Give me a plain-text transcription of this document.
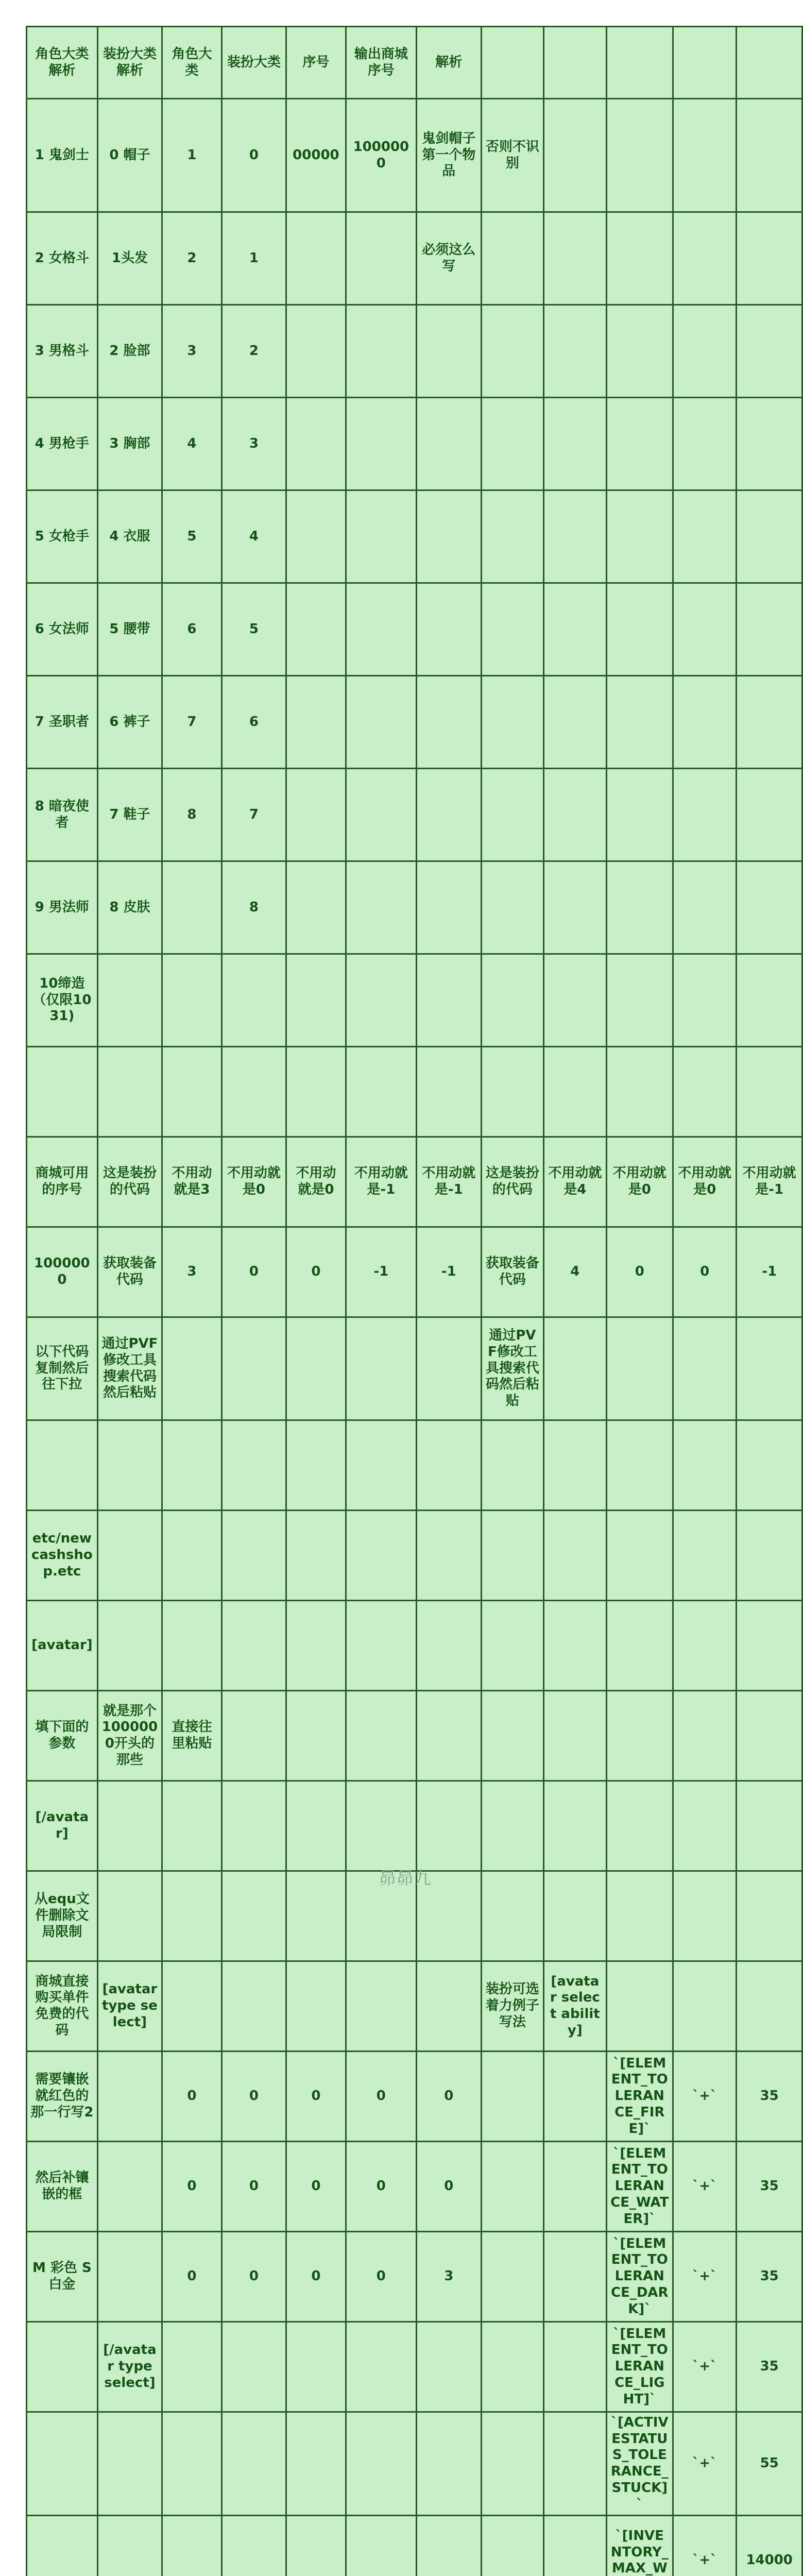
角色大类解析	装扮大类解析	角色大类	装扮大类	序号	输出商城序号	解析					
1 鬼剑士	0 帽子	1	0	00000	1000000	鬼剑帽子第一个物品	否则不识别				
2 女格斗	1头发	2	1			必须这么写					
3 男格斗	2 脸部	3	2								
4 男枪手	3 胸部	4	3								
5 女枪手	4 衣服	5	4								
6 女法师	5 腰带	6	5								
7 圣职者	6 裤子	7	6								
8 暗夜使者	7 鞋子	8	7								
9 男法师	8 皮肤		8								
10缔造（仅限1031)											

商城可用的序号	这是装扮的代码	不用动就是3	不用动就是0	不用动就是0	不用动就是-1	不用动就是-1	这是装扮的代码	不用动就是4	不用动就是0	不用动就是0	不用动就是-1
1000000	获取装备代码	3	0	0	-1	-1	获取装备代码	4	0	0	-1
以下代码复制然后往下拉	通过PVF修改工具搜索代码然后粘贴						通过PVF修改工具搜索代码然后粘贴				

etc/newcashshop.etc											
[avatar]											
填下面的参数	就是那个1000000开头的那些	直接往里粘贴									
[/avatar]											
从equ文件删除文局限制											
商城直接购买单件免费的代码	[avatar type select]						装扮可选着力例子写法	[avatar select ability]			
需要镶嵌就红色的那一行写2		0	0	0	0	0			`[ELEMENT_TOLERANCE_FIRE]`	`+`	35
然后补镶嵌的框		0	0	0	0	0			`[ELEMENT_TOLERANCE_WATER]`	`+`	35
M 彩色 S 白金		0	0	0	0	3			`[ELEMENT_TOLERANCE_DARK]`	`+`	35
	[/avatar type select]								`[ELEMENT_TOLERANCE_LIGHT]`	`+`	35
									`[ACTIVESTATUS_TOLERANCE_STUCK]`	`+`	55
									`[INVENTORY_MAX_W	`+`	14000

昴昴九
